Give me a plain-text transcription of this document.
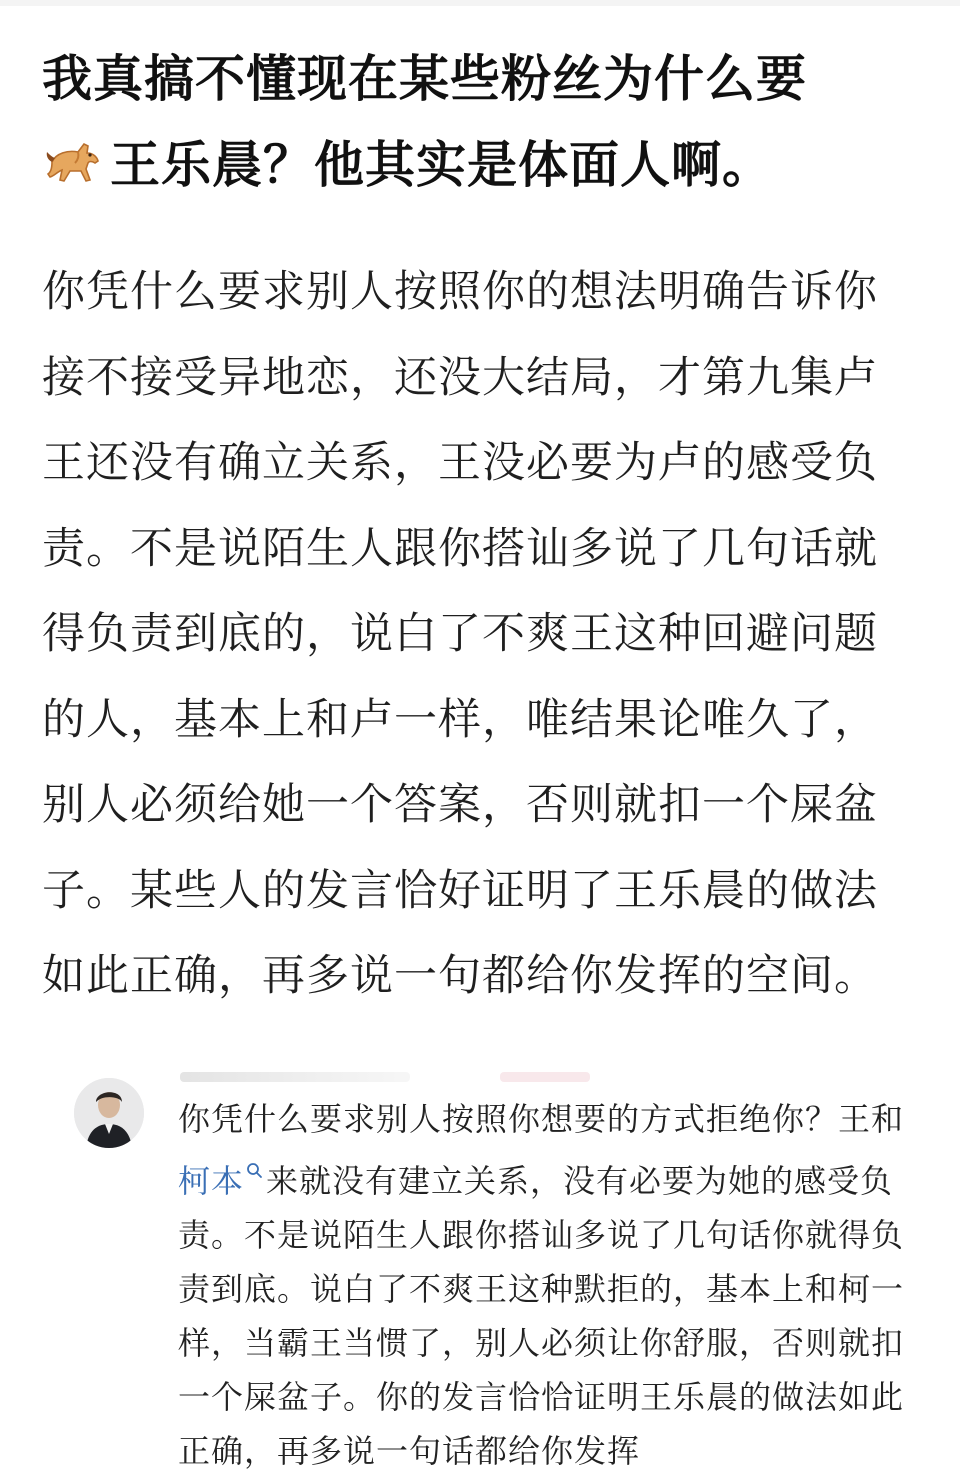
我真搞不懂现在某些粉丝为什么要
王乐晨？他其实是体面人啊。
你凭什么要求别人按照你的想法明确告诉你接不接受异地恋，还没大结局，才第九集卢王还没有确立关系，王没必要为卢的感受负责。不是说陌生人跟你搭讪多说了几句话就得负责到底的，说白了不爽王这种回避问题的人，基本上和卢一样，唯结果论唯久了，别人必须给她一个答案，否则就扣一个屎盆子。某些人的发言恰好证明了王乐晨的做法如此正确，再多说一句都给你发挥的空间。
你凭什么要求别人按照你想要的方式拒绝你？王和柯本 来就没有建立关系，没有必要为她的感受负责。不是说陌生人跟你搭讪多说了几句话你就得负责到底。说白了不爽王这种默拒的，基本上和柯一样，当霸王当惯了，别人必须让你舒服，否则就扣一个屎盆子。你的发言恰恰证明王乐晨的做法如此正确，再多说一句话都给你发挥
